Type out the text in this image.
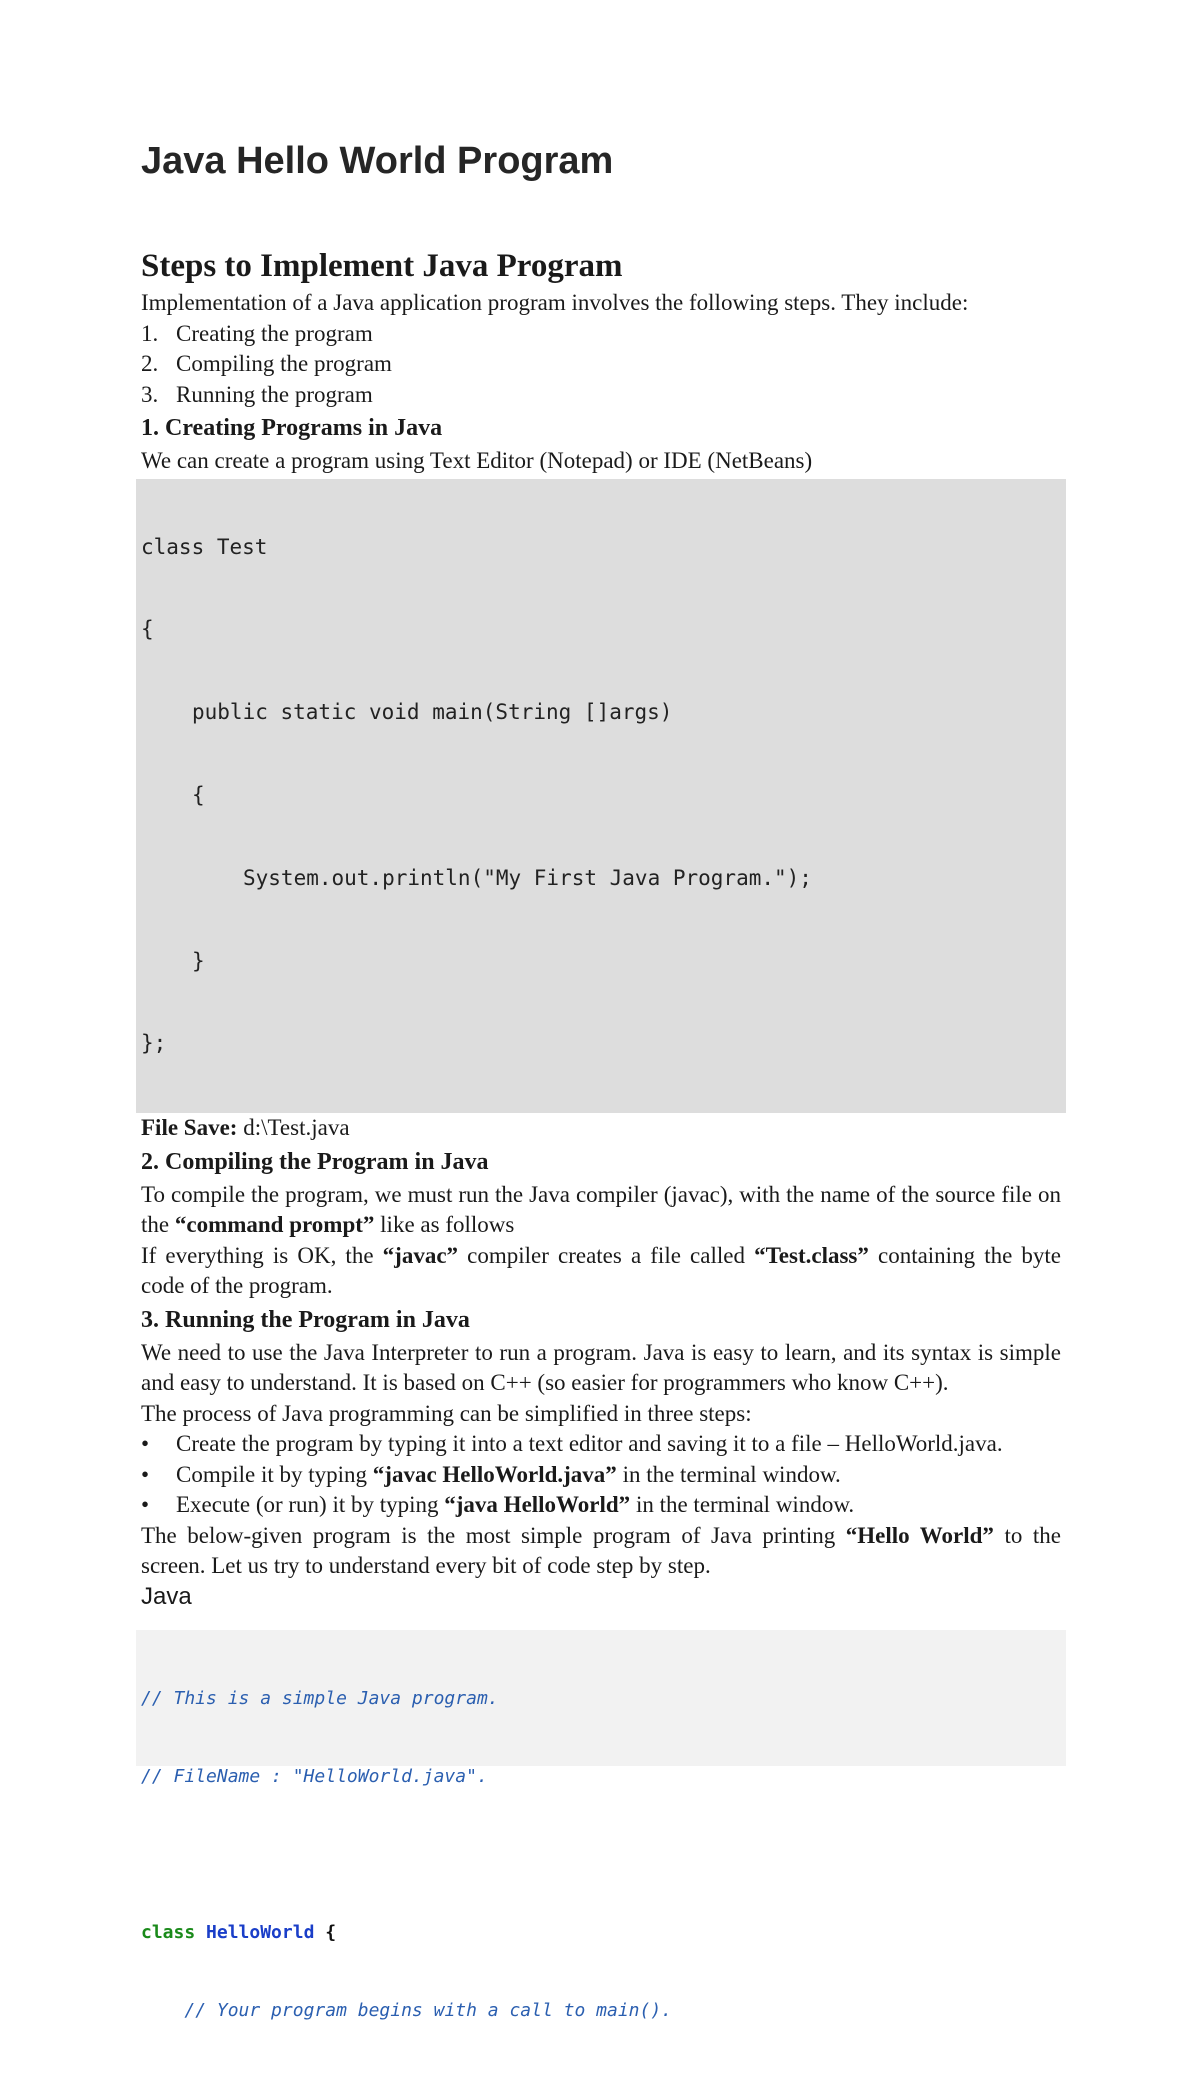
Java Hello World Program
Steps to Implement Java Program

Implementation of a Java application program involves the following steps. They include:

1. Creating the program
2. Compiling the program
3. Running the program
1. Creating Programs in Java

We can create a program using Text Editor (Notepad) or IDE (NetBeans)

class Test

{

public static void main(String []args)

{

System.out.println("My First Java Program.");

}

};

File Save: d:\Test.java

2. Compiling the Program in Java

To compile the program, we must run the Java compiler (javac), with the name of the source file on the “command prompt” like as follows

If everything is OK, the “javac” compiler creates a file called “Test.class” containing the byte code of the program.

3. Running the Program in Java

We need to use the Java Interpreter to run a program. Java is easy to learn, and its syntax is simple and easy to understand. It is based on C++ (so easier for programmers who know C++).

The process of Java programming can be simplified in three steps:

• Create the program by typing it into a text editor and saving it to a file – HelloWorld.java.
• Compile it by typing “javac HelloWorld.java” in the terminal window.
• Execute (or run) it by typing “java HelloWorld” in the terminal window.

The below-given program is the most simple program of Java printing “Hello World” to the screen. Let us try to understand every bit of code step by step.

Java

// This is a simple Java program.

// FileName : "HelloWorld.java".

class HelloWorld {

// Your program begins with a call to main().
